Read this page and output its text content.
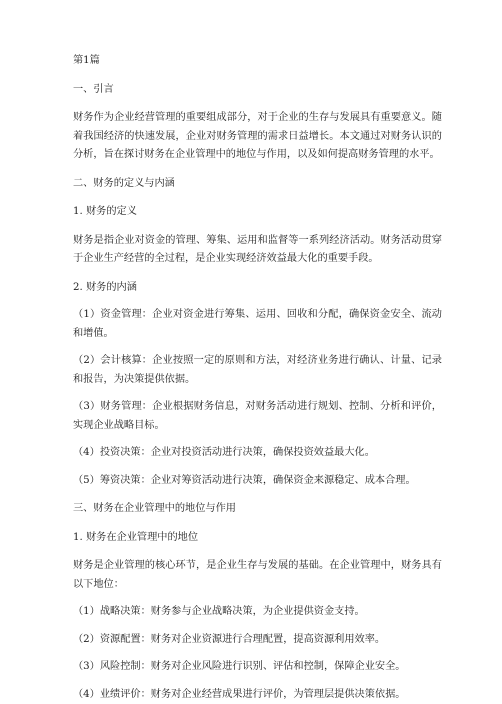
第1篇

一、引言

财务作为企业经营管理的重要组成部分，对于企业的生存与发展具有重要意义。随着我国经济的快速发展，企业对财务管理的需求日益增长。本文通过对财务认识的分析，旨在探讨财务在企业管理中的地位与作用，以及如何提高财务管理的水平。

二、财务的定义与内涵

1. 财务的定义

财务是指企业对资金的管理、筹集、运用和监督等一系列经济活动。财务活动贯穿于企业生产经营的全过程，是企业实现经济效益最大化的重要手段。

2. 财务的内涵

（1）资金管理：企业对资金进行筹集、运用、回收和分配，确保资金安全、流动和增值。

（2）会计核算：企业按照一定的原则和方法，对经济业务进行确认、计量、记录和报告，为决策提供依据。

（3）财务管理：企业根据财务信息，对财务活动进行规划、控制、分析和评价，实现企业战略目标。

（4）投资决策：企业对投资活动进行决策，确保投资效益最大化。

（5）筹资决策：企业对筹资活动进行决策，确保资金来源稳定、成本合理。

三、财务在企业管理中的地位与作用

1. 财务在企业管理中的地位

财务是企业管理的核心环节，是企业生存与发展的基础。在企业管理中，财务具有以下地位：

（1）战略决策：财务参与企业战略决策，为企业提供资金支持。

（2）资源配置：财务对企业资源进行合理配置，提高资源利用效率。

（3）风险控制：财务对企业风险进行识别、评估和控制，保障企业安全。

（4）业绩评价：财务对企业经营成果进行评价，为管理层提供决策依据。
